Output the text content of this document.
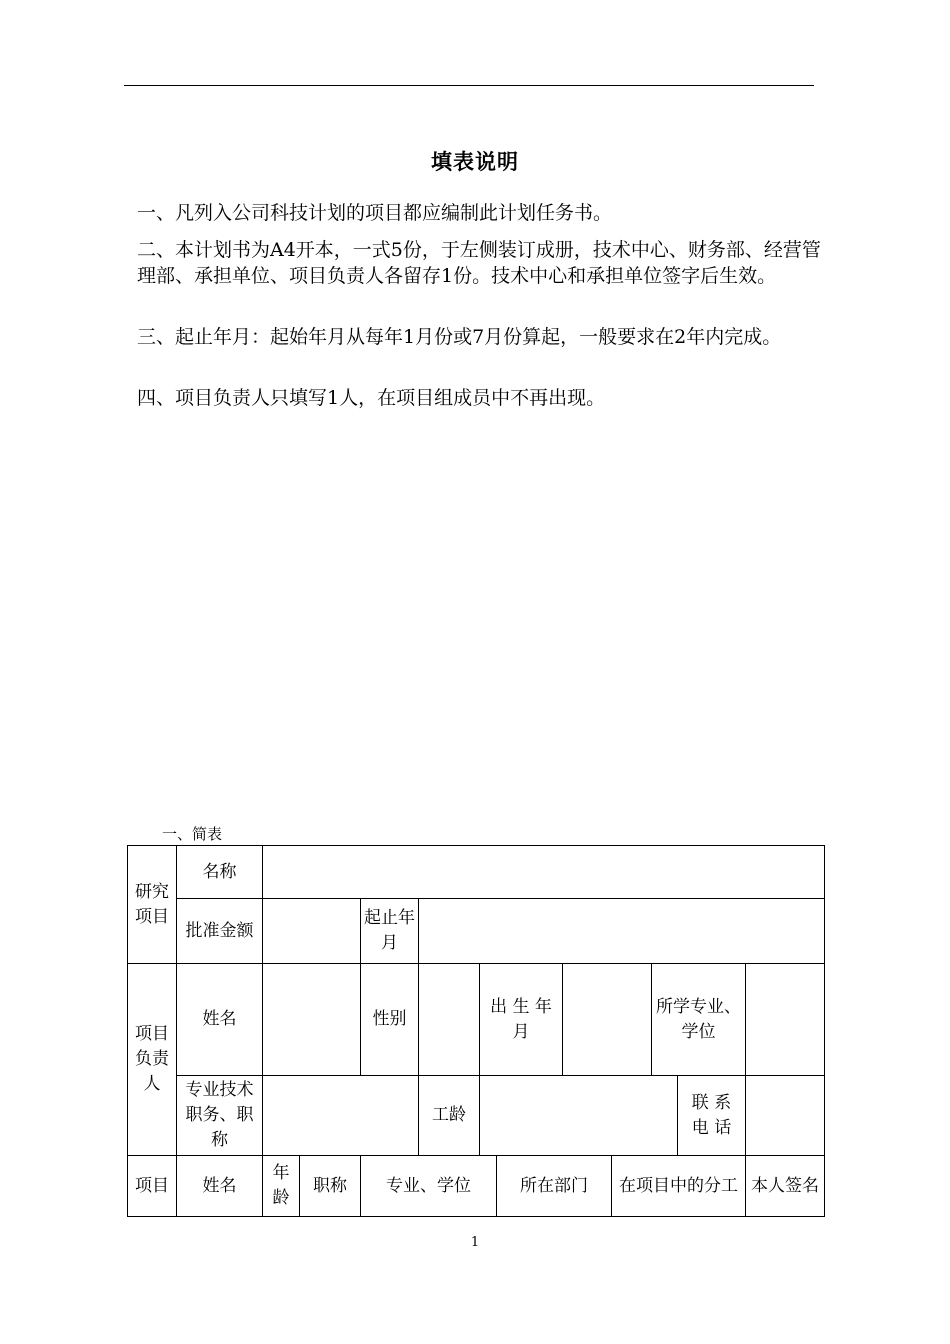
填表说明

一、凡列入公司科技计划的项目都应编制此计划任务书。

二、本计划书为A4开本，一式5份，于左侧装订成册，技术中心、财务部、经营管理部、承担单位、项目负责人各留存1份。技术中心和承担单位签字后生效。

三、起止年月：起始年月从每年1月份或7月份算起，一般要求在2年内完成。

四、项目负责人只填写1人，在项目组成员中不再出现。

一、简表
研究项目	名称											
	批准金额			起止年月								
项目负责人	姓名			性别		出 生 年 月				所学专业、学位		
	专业技术职务、职称				工龄						联 系 电 话	
项目	姓名	年龄	职称	专业、学位			所在部门		在项目中的分工			本人签名
1
